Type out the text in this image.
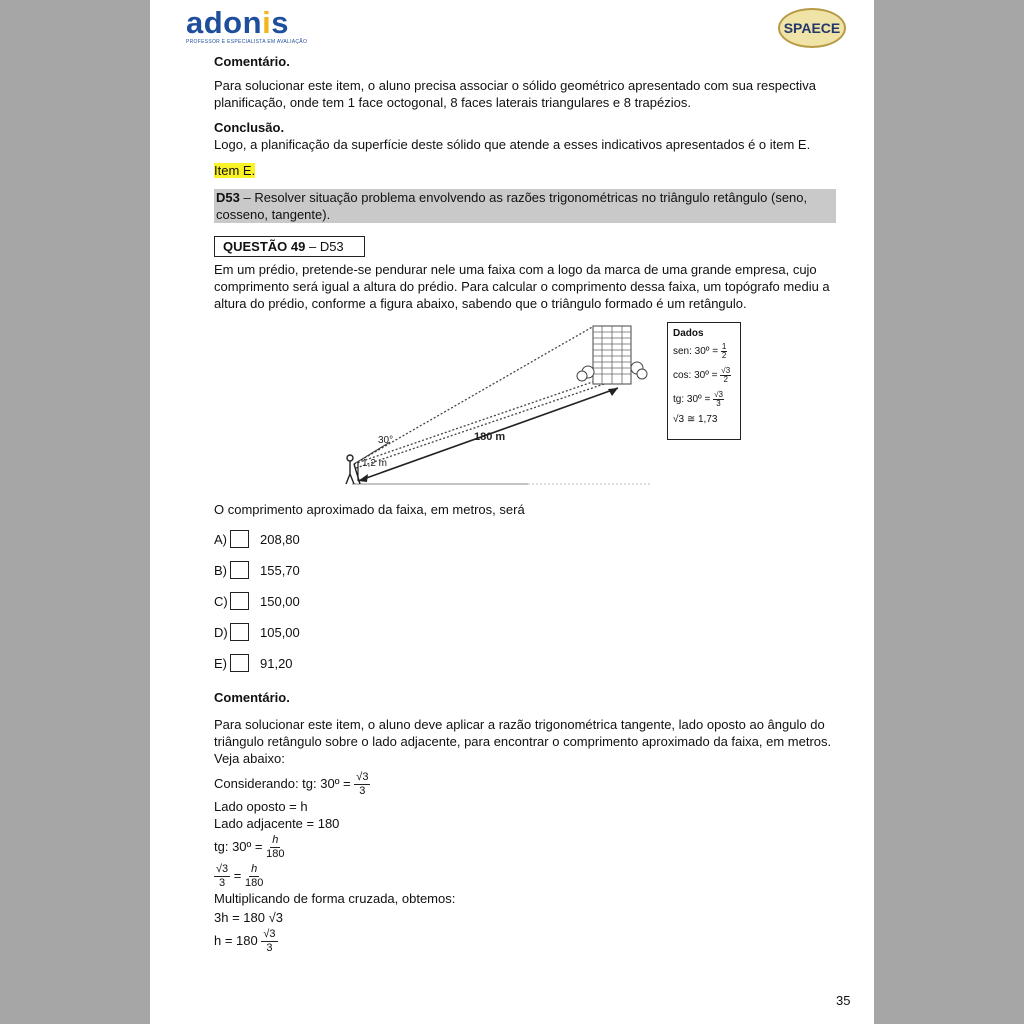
adonis
PROFESSOR E ESPECIALISTA EM AVALIAÇÃO
SPAECE

Comentário.

Para solucionar este item, o aluno precisa associar o sólido geométrico apresentado com sua respectiva planificação, onde tem 1 face octogonal, 8 faces laterais triangulares e 8 trapézios.

Conclusão.

Logo, a planificação da superfície deste sólido que atende a esses indicativos apresentados é o item E.

Item E.

D53 – Resolver situação problema envolvendo as razões trigonométricas no triângulo retângulo (seno, cosseno, tangente).
QUESTÃO 49 – D53

Em um prédio, pretende-se pendurar nele uma faixa com a logo da marca de uma grande empresa, cujo comprimento será igual a altura do prédio. Para calcular o comprimento dessa faixa, um topógrafo mediu a altura do prédio, conforme a figura abaixo, sabendo que o triângulo formado é um retângulo.

30°
1,2 m
180 m
Dados
sen: 30º = $\frac{1}{2}$
cos: 30º = $\frac{√3}{2}$
tg: 30º = $\frac{√3}{3}$
√3 ≅ 1,73

O comprimento aproximado da faixa, em metros, será

A)	208,80
B)	155,70
C) 150,00
D) 105,00
E)	91,20

Comentário.

Para solucionar este item, o aluno deve aplicar a razão trigonométrica tangente, lado oposto ao ângulo do triângulo retângulo sobre o lado adjacente, para encontrar o comprimento aproximado da faixa, em metros. Veja abaixo:

Considerando: tg: 30º = $\frac{√3}{3}$

Lado oposto = h

Lado adjacente = 180

tg: 30º = $\frac{h}{180}$
$\frac{√3}{3} = \frac{h}{180}$

Multiplicando de forma cruzada, obtemos:

3h = 180 √3

$h = 180 \frac{√3}{3}$
35
